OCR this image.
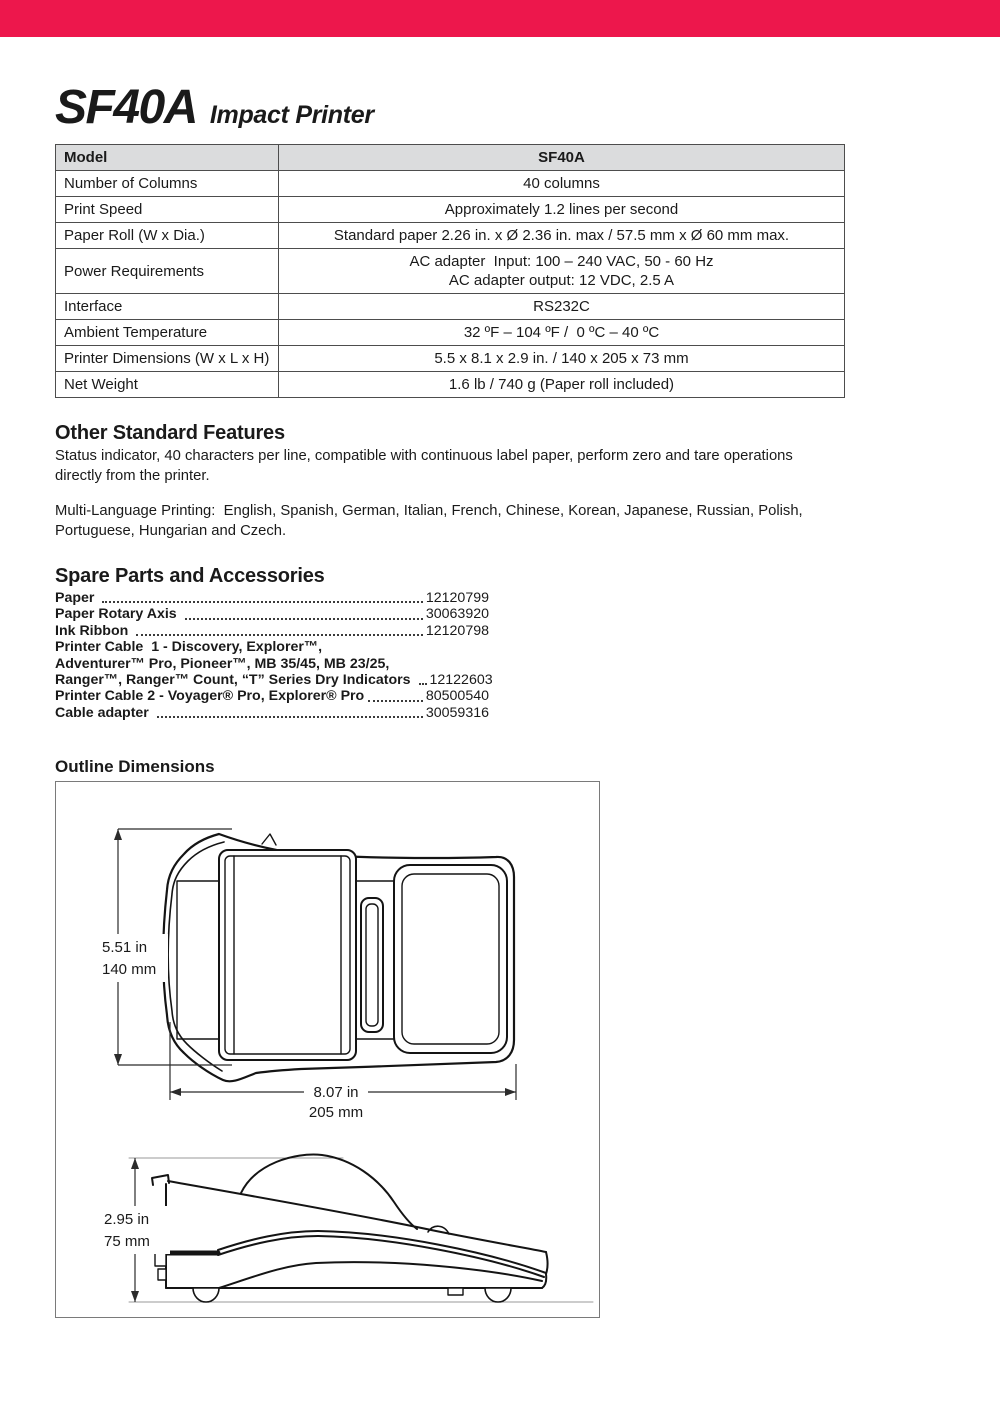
SF40A Impact Printer
Model	SF40A

Number of Columns	40 columns

Print Speed	Approximately 1.2 lines per second

Paper Roll (W x Dia.)	Standard paper 2.26 in. x Ø 2.36 in. max / 57.5 mm x Ø 60 mm max.

Power Requirements	AC adapter  Input: 100 – 240 VAC, 50 - 60 Hz
AC adapter output: 12 VDC, 2.5 A

Interface	RS232C

Ambient Temperature	32 ºF – 104 ºF /  0 ºC – 40 ºC

Printer Dimensions (W x L x H)	5.5 x 8.1 x 2.9 in. / 140 x 205 x 73 mm

Net Weight	1.6 lb / 740 g (Paper roll included)
Other Standard Features
Status indicator, 40 characters per line, compatible with continuous label paper, perform zero and tare operations
directly from the printer.
Multi-Language Printing:  English, Spanish, German, Italian, French, Chinese, Korean, Japanese, Russian, Polish,
Portuguese, Hungarian and Czech.
Spare Parts and Accessories
Paper	12120799
Paper Rotary Axis	30063920
Ink Ribbon	12120798
Printer Cable  1 - Discovery, Explorer™,
Adventurer™ Pro, Pioneer™, MB 35/45, MB 23/25,
Ranger™, Ranger™ Count, “T” Series Dry Indicators 12122603
Printer Cable 2 - Voyager® Pro, Explorer® Pro	80500540
Cable adapter	30059316
Outline Dimensions
5.51 in
140 mm
8.07 in
205 mm
2.95 in
75 mm
